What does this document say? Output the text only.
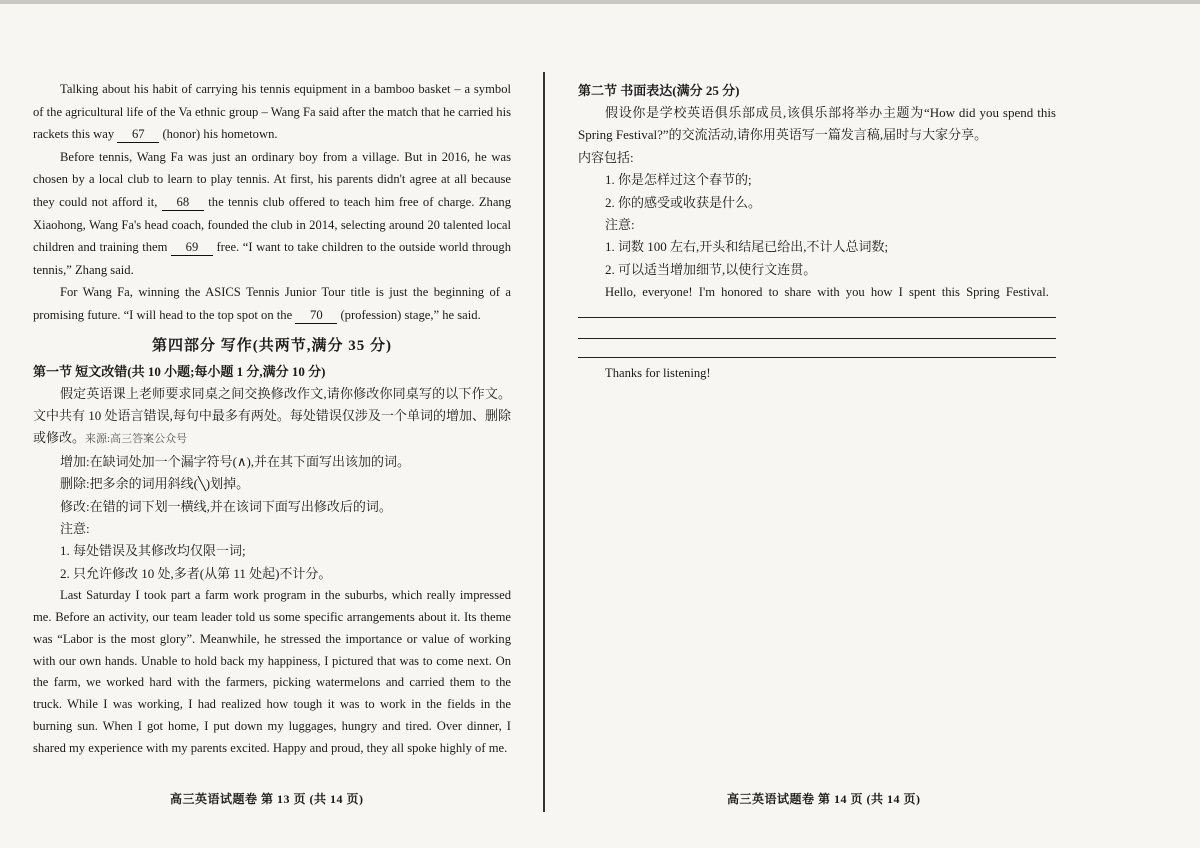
Talking about his habit of carrying his tennis equipment in a bamboo basket – a symbol of the agricultural life of the Va ethnic group – Wang Fa said after the match that he carried his rackets this way 67 (honor) his hometown.

Before tennis, Wang Fa was just an ordinary boy from a village. But in 2016, he was chosen by a local club to learn to play tennis. At first, his parents didn't agree at all because they could not afford it, 68 the tennis club offered to teach him free of charge. Zhang Xiaohong, Wang Fa's head coach, founded the club in 2014, selecting around 20 talented local children and training them 69 free. “I want to take children to the outside world through tennis,” Zhang said.

For Wang Fa, winning the ASICS Tennis Junior Tour title is just the beginning of a promising future. “I will head to the top spot on the 70 (profession) stage,” he said.

第四部分 写作(共两节,满分 35 分)
第一节 短文改错(共 10 小题;每小题 1 分,满分 10 分)

假定英语课上老师要求同桌之间交换修改作文,请你修改你同桌写的以下作文。文中共有 10 处语言错误,每句中最多有两处。每处错误仅涉及一个单词的增加、删除或修改。来源:高三答案公众号

增加:在缺词处加一个漏字符号(∧),并在其下面写出该加的词。

删除:把多余的词用斜线(╲)划掉。

修改:在错的词下划一横线,并在该词下面写出修改后的词。

注意:

1. 每处错误及其修改均仅限一词;

2. 只允许修改 10 处,多者(从第 11 处起)不计分。

Last Saturday I took part a farm work program in the suburbs, which really impressed me. Before an activity, our team leader told us some specific arrangements about it. Its theme was “Labor is the most glory”. Meanwhile, he stressed the importance or value of working with our own hands. Unable to hold back my happiness, I pictured that was to come next. On the farm, we worked hard with the farmers, picking watermelons and carried them to the truck. While I was working, I had realized how tough it was to work in the fields in the burning sun. When I got home, I put down my luggages, hungry and tired. Over dinner, I shared my experience with my parents excited. Happy and proud, they all spoke highly of me.

第二节 书面表达(满分 25 分)

假设你是学校英语俱乐部成员,该俱乐部将举办主题为“How did you spend this Spring Festival?”的交流活动,请你用英语写一篇发言稿,届时与大家分享。

内容包括:

1. 你是怎样过这个春节的;

2. 你的感受或收获是什么。

注意:

1. 词数 100 左右,开头和结尾已给出,不计人总词数;

2. 可以适当增加细节,以使行文连贯。

Hello, everyone! I'm honored to share with you how I spent this Spring Festival.

Thanks for listening!

高三英语试题卷 第 13 页 (共 14 页)	高三英语试题卷 第 14 页 (共 14 页)
